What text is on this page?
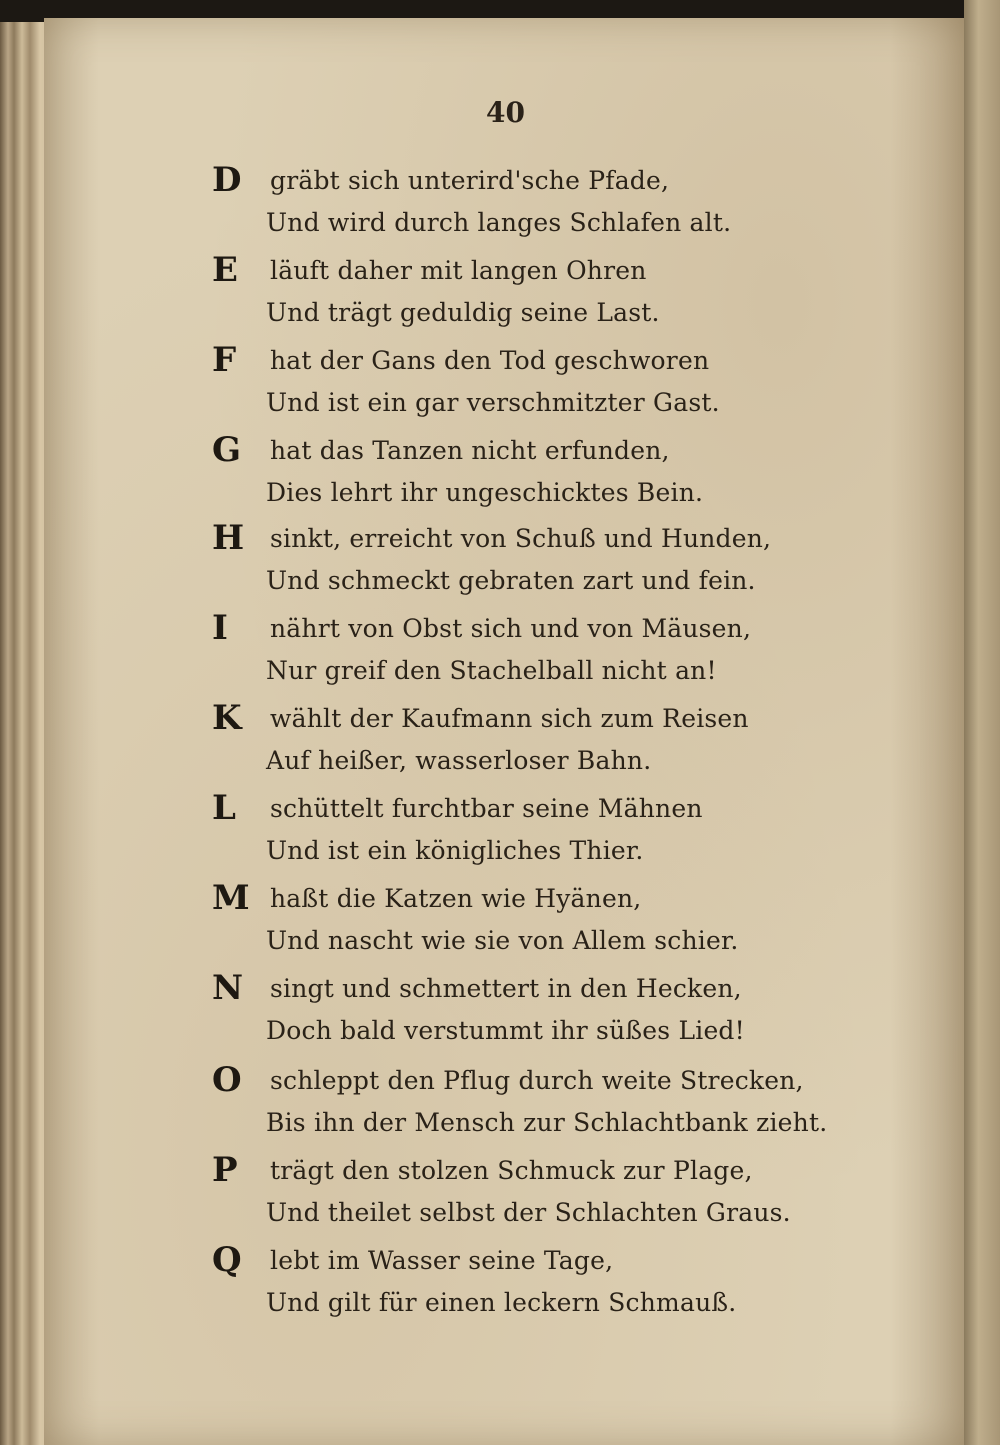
40
D	gräbt sich unterird'sche Pfade,
Und wird durch langes Schlafen alt.
E	läuft daher mit langen Ohren
Und trägt geduldig seine Last.
F	hat der Gans den Tod geschworen
Und ist ein gar verschmitzter Gast.
G	hat das Tanzen nicht erfunden,
Dies lehrt ihr ungeschicktes Bein.
H	sinkt, erreicht von Schuß und Hunden,
Und schmeckt gebraten zart und fein.
I	nährt von Obst sich und von Mäusen,
Nur greif den Stachelball nicht an!
K	wählt der Kaufmann sich zum Reisen
Auf heißer, wasserloser Bahn.
L	schüttelt furchtbar seine Mähnen
Und ist ein königliches Thier.
M haßt die Katzen wie Hyänen,
Und nascht wie sie von Allem schier.
N	singt und schmettert in den Hecken,
Doch bald verstummt ihr süßes Lied!
O	schleppt den Pflug durch weite Strecken,
Bis ihn der Mensch zur Schlachtbank zieht.
P	trägt den stolzen Schmuck zur Plage,
Und theilet selbst der Schlachten Graus.
Q	lebt im Wasser seine Tage,
Und gilt für einen leckern Schmauß.
